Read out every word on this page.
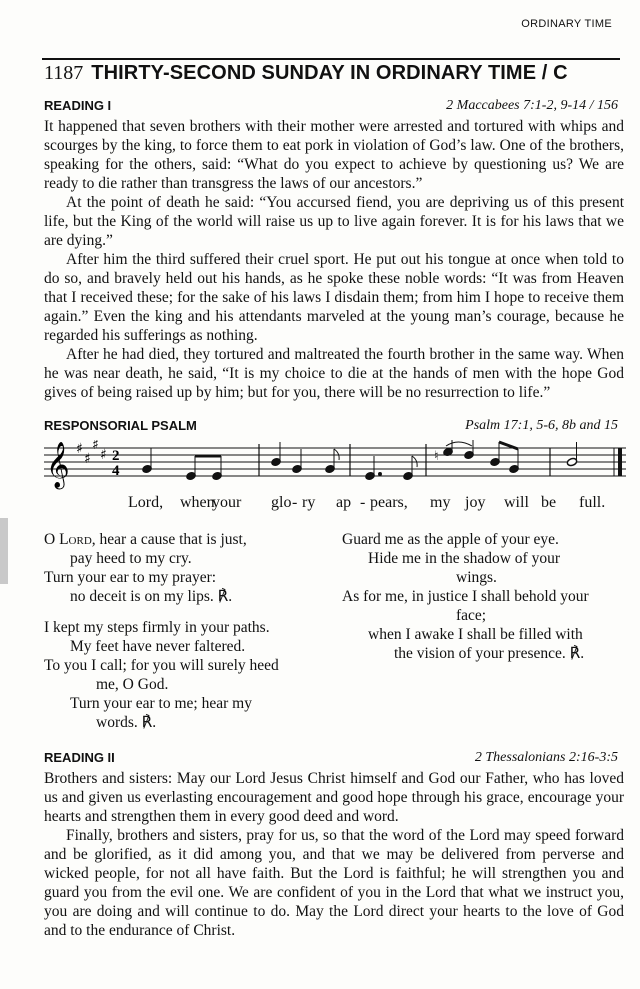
ORDINARY TIME
1187 THIRTY-SECOND SUNDAY IN ORDINARY TIME / C
READING I	2 Maccabees 7:1-2, 9-14 / 156

It happened that seven brothers with their mother were arrested and tortured with whips and scourges by the king, to force them to eat pork in violation of God’s law. One of the brothers, speaking for the others, said: “What do you expect to achieve by questioning us? We are ready to die rather than transgress the laws of our ancestors.”

At the point of death he said: “You accursed fiend, you are depriving us of this present life, but the King of the world will raise us up to live again forever. It is for his laws that we are dying.”

After him the third suffered their cruel sport. He put out his tongue at once when told to do so, and bravely held out his hands, as he spoke these noble words: “It was from Heaven that I received these; for the sake of his laws I disdain them; from him I hope to receive them again.” Even the king and his attendants marveled at the young man’s courage, because he regarded his sufferings as nothing.

After he had died, they tortured and maltreated the fourth brother in the same way. When he was near death, he said, “It is my choice to die at the hands of men with the hope God gives of being raised up by him; but for you, there will be no resurrection to life.”

RESPONSORIAL PSALM	Psalm 17:1, 5-6, 8b and 15
𝄞 ♯
♯
♯
♯ 2
4
♮
Lord, when
your glo - ry ap - pears, my joy will be full.
O Lord, hear a cause that is just,
pay heed to my cry.
Turn your ear to my prayer:
no deceit is on my lips. ℟.
I kept my steps firmly in your paths.
My feet have never faltered.
To you I call; for you will surely heed
me, O God.
Turn your ear to me; hear my
words. ℟.
Guard me as the apple of your eye.
Hide me in the shadow of your
wings.
As for me, in justice I shall behold your
face;
when I awake I shall be filled with
the vision of your presence. ℟.
READING II	2 Thessalonians 2:16-3:5

Brothers and sisters: May our Lord Jesus Christ himself and God our Father, who has loved us and given us everlasting encouragement and good hope through his grace, encourage your hearts and strengthen them in every good deed and word.

Finally, brothers and sisters, pray for us, so that the word of the Lord may speed forward and be glorified, as it did among you, and that we may be delivered from perverse and wicked people, for not all have faith. But the Lord is faithful; he will strengthen you and guard you from the evil one. We are confident of you in the Lord that what we instruct you, you are doing and will continue to do. May the Lord direct your hearts to the love of God and to the endurance of Christ.
